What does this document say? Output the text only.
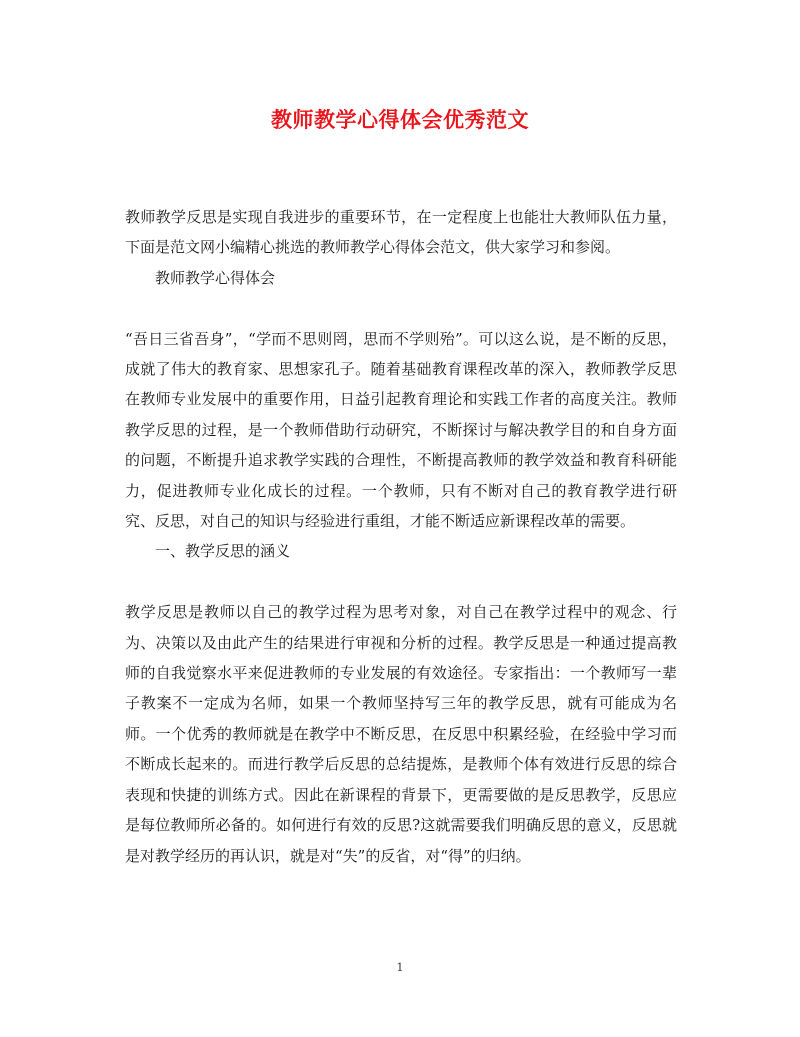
教师教学心得体会优秀范文

教师教学反思是实现自我进步的重要环节，在一定程度上也能壮大教师队伍力量，下面是范文网小编精心挑选的教师教学心得体会范文，供大家学习和参阅。

教师教学心得体会

“吾日三省吾身”，“学而不思则罔，思而不学则殆”。可以这么说，是不断的反思，成就了伟大的教育家、思想家孔子。随着基础教育课程改革的深入，教师教学反思在教师专业发展中的重要作用，日益引起教育理论和实践工作者的高度关注。教师教学反思的过程，是一个教师借助行动研究，不断探讨与解决教学目的和自身方面的问题，不断提升追求教学实践的合理性，不断提高教师的教学效益和教育科研能力，促进教师专业化成长的过程。一个教师，只有不断对自己的教育教学进行研究、反思，对自己的知识与经验进行重组，才能不断适应新课程改革的需要。

一、教学反思的涵义

教学反思是教师以自己的教学过程为思考对象，对自己在教学过程中的观念、行为、决策以及由此产生的结果进行审视和分析的过程。教学反思是一种通过提高教师的自我觉察水平来促进教师的专业发展的有效途径。专家指出：一个教师写一辈子教案不一定成为名师，如果一个教师坚持写三年的教学反思，就有可能成为名师。一个优秀的教师就是在教学中不断反思，在反思中积累经验，在经验中学习而不断成长起来的。而进行教学后反思的总结提炼，是教师个体有效进行反思的综合表现和快捷的训练方式。因此在新课程的背景下，更需要做的是反思教学，反思应是每位教师所必备的。如何进行有效的反思?这就需要我们明确反思的意义，反思就是对教学经历的再认识，就是对“失”的反省，对“得”的归纳。

1
